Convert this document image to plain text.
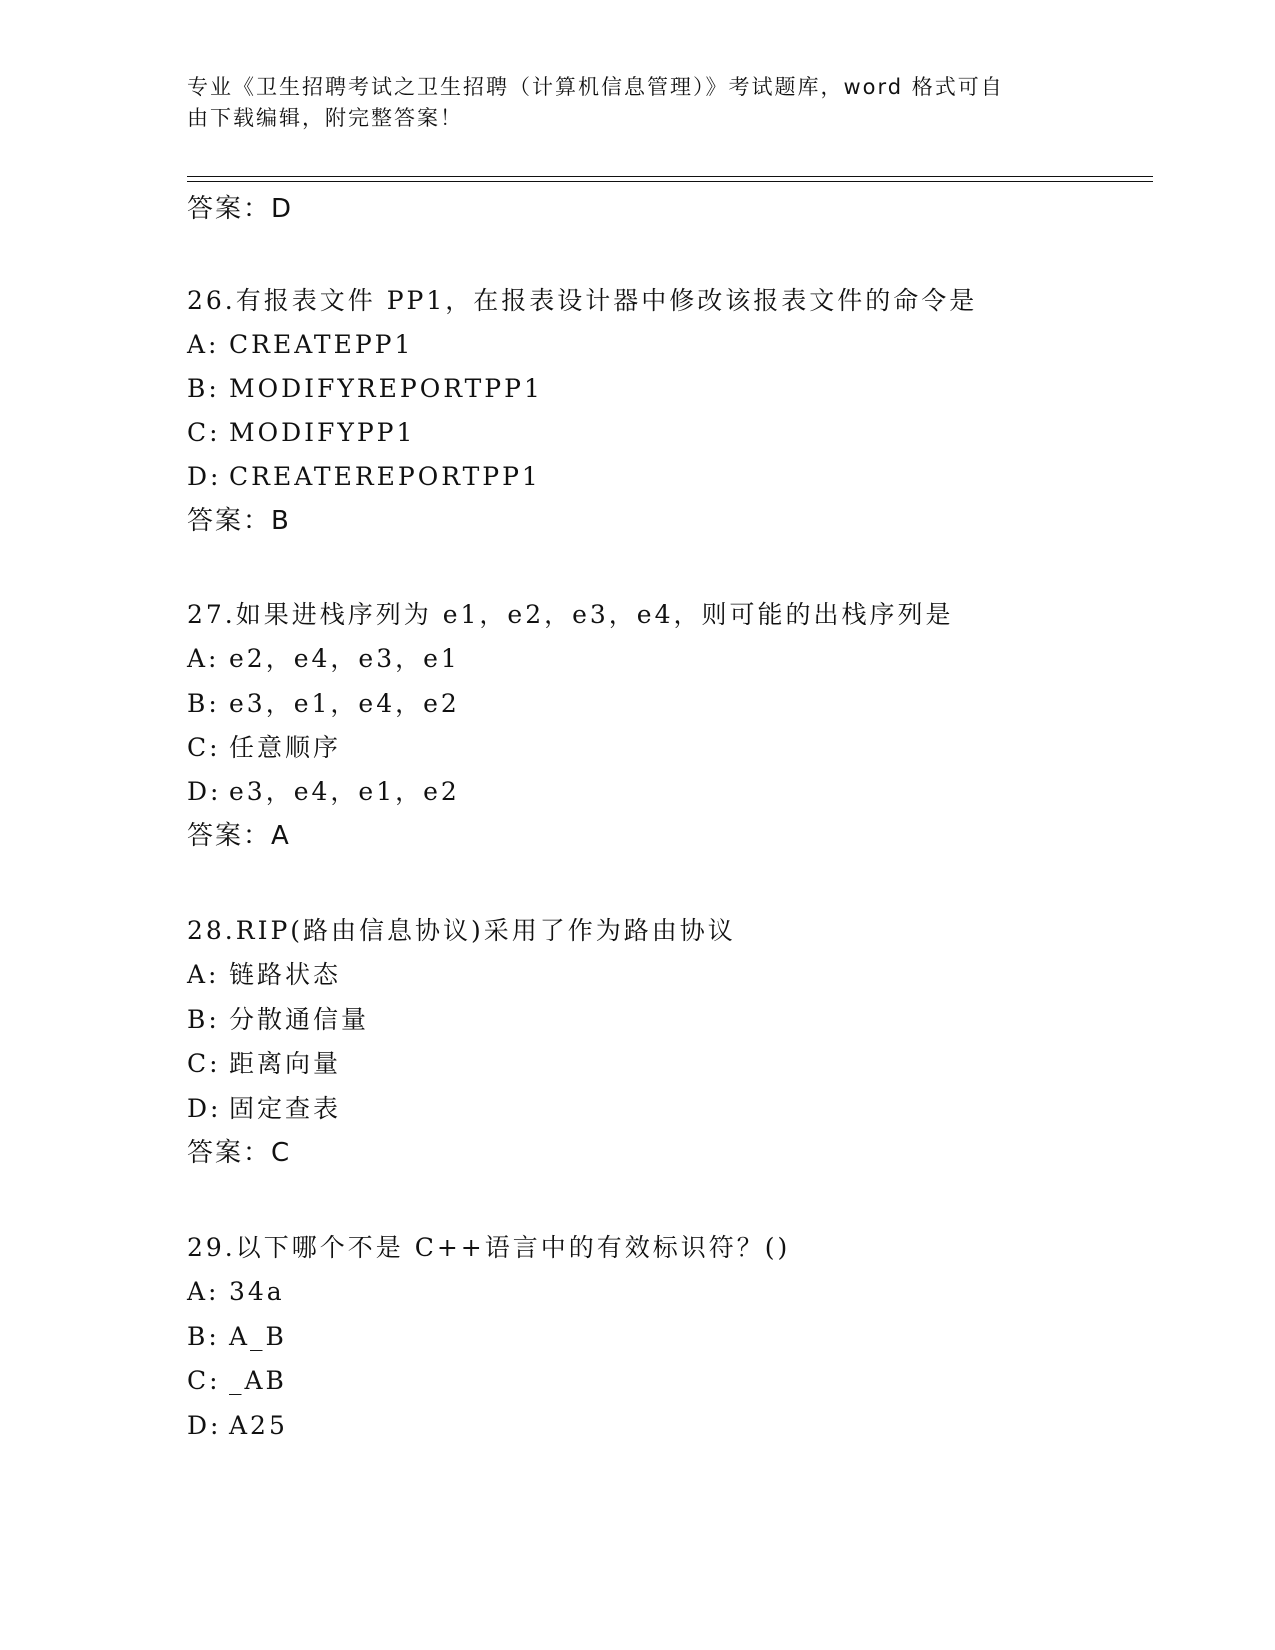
专业《卫生招聘考试之卫生招聘（计算机信息管理）》考试题库，word 格式可自
由下载编辑，附完整答案！
答案：D
26.有报表文件 PP1，在报表设计器中修改该报表文件的命令是
A: CREATEPP1
B: MODIFYREPORTPP1
C: MODIFYPP1
D: CREATEREPORTPP1
答案：B
27.如果进栈序列为 e1，e2，e3，e4，则可能的出栈序列是
A: e2，e4，e3，e1
B: e3，e1，e4，e2
C: 任意顺序
D: e3，e4，e1，e2
答案：A
28.RIP(路由信息协议)采用了作为路由协议
A: 链路状态
B: 分散通信量
C: 距离向量
D: 固定查表
答案：C
29.以下哪个不是 C++语言中的有效标识符？()
A: 34a
B: A_B
C: _AB
D: A25
